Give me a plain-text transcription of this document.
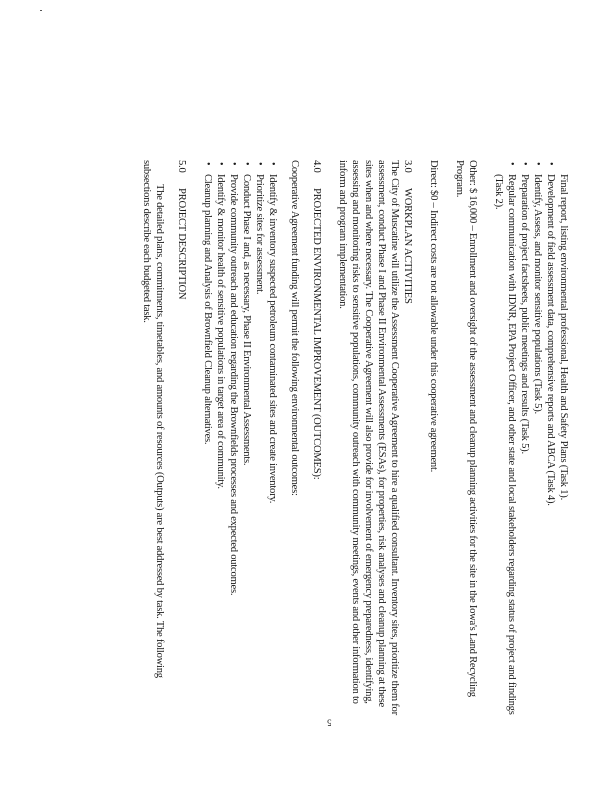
Final report, listing environmental professional, Health and Safety Plans (Task 1).

• Development of field assessment data, comprehensive reports and ABCA (Task 4).
• Identify, Assess, and monitor sensitive populations (Task 5).
• Preparation of project factsheets, public meetings and results (Task 5).
• Regular communication with IDNR, EPA Project Officer, and other state and local stakeholders regarding status of project and findings (Task 2).

Other: $ 16,000 – Enrollment and oversight of the assessment and cleanup planning activities for the site in the Iowa's Land Recycling Program.

Direct: $0 – Indirect costs are not allowable under this cooperative agreement.

3.0
WORKPLAN ACTIVITIES

The City of Muscatine will utilize the Assessment Cooperative Agreement to hire a qualified consultant. Inventory sites, prioritize them for assessment, conduct Phase I and Phase II Environmental Assessments (ESAs), for properties, risk analyses and cleanup planning at these sites when and where necessary. The Cooperative Agreement will also provide for involvement of emergency preparedness, identifying, assessing and monitoring risks to sensitive populations, community outreach with community meetings, events and other information to inform and program implementation.

4.0
PROJECTED ENVIRONMENTAL IMPROVEMENT (OUTCOMES):

Cooperative Agreement funding will permit the following environmental outcomes:

• Identify & inventory suspected petroleum contaminated sites and create inventory.
• Prioritize sites for assessment.
• Conduct Phase I and, as necessary, Phase II Environmental Assessments.
• Provide community outreach and education regarding the Brownfields processes and expected outcomes.
• Identify & monitor health of sensitive populations in target area of community.
• Cleanup planning and Analysis of Brownfield Cleanup alternatives.
5.0
PROJECT DESCRIPTION

The detailed plans, commitments, timetables, and amounts of resources (Outputs) are best addressed by task. The following subsections describe each budgeted task.

5
